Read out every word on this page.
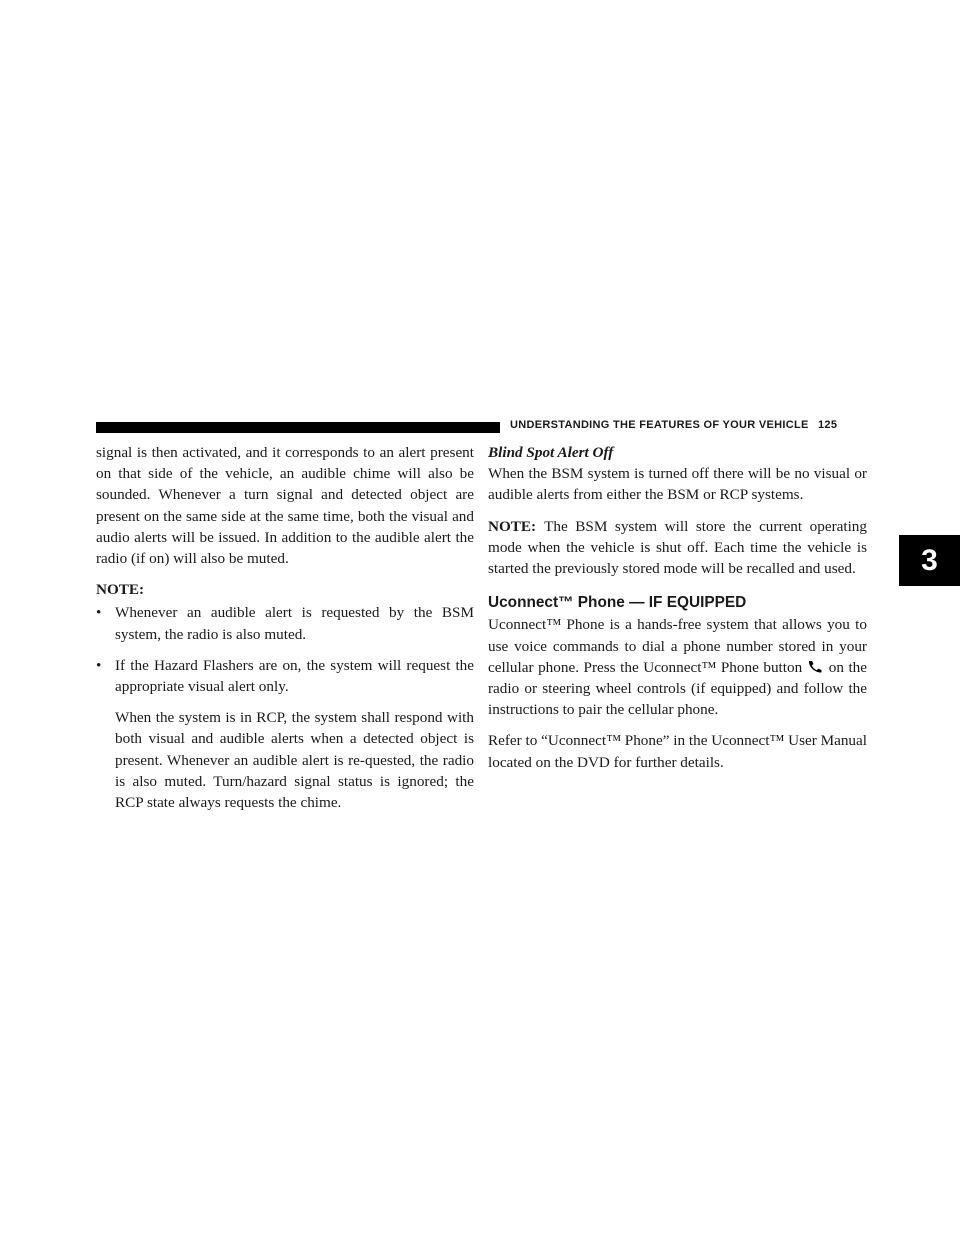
UNDERSTANDING THE FEATURES OF YOUR VEHICLE 125
3

signal is then activated, and it corresponds to an alert present on that side of the vehicle, an audible chime will also be sounded. Whenever a turn signal and detected object are present on the same side at the same time, both the visual and audio alerts will be issued. In addition to the audible alert the radio (if on) will also be muted.

NOTE:
• Whenever an audible alert is requested by the BSM system, the radio is also muted.
• If the Hazard Flashers are on, the system will request the appropriate visual alert only.

When the system is in RCP, the system shall respond with both visual and audible alerts when a detected object is present. Whenever an audible alert is re-quested, the radio is also muted. Turn/hazard signal status is ignored; the RCP state always requests the chime.

Blind Spot Alert Off

When the BSM system is turned off there will be no visual or audible alerts from either the BSM or RCP systems.

NOTE: The BSM system will store the current operating mode when the vehicle is shut off. Each time the vehicle is started the previously stored mode will be recalled and used.

Uconnect™ Phone — IF EQUIPPED

Uconnect™ Phone is a hands-free system that allows you to use voice commands to dial a phone number stored in your cellular phone. Press the Uconnect™ Phone button on the radio or steering wheel controls (if equipped) and follow the instructions to pair the cellular phone.

Refer to “Uconnect™ Phone” in the Uconnect™ User Manual located on the DVD for further details.
